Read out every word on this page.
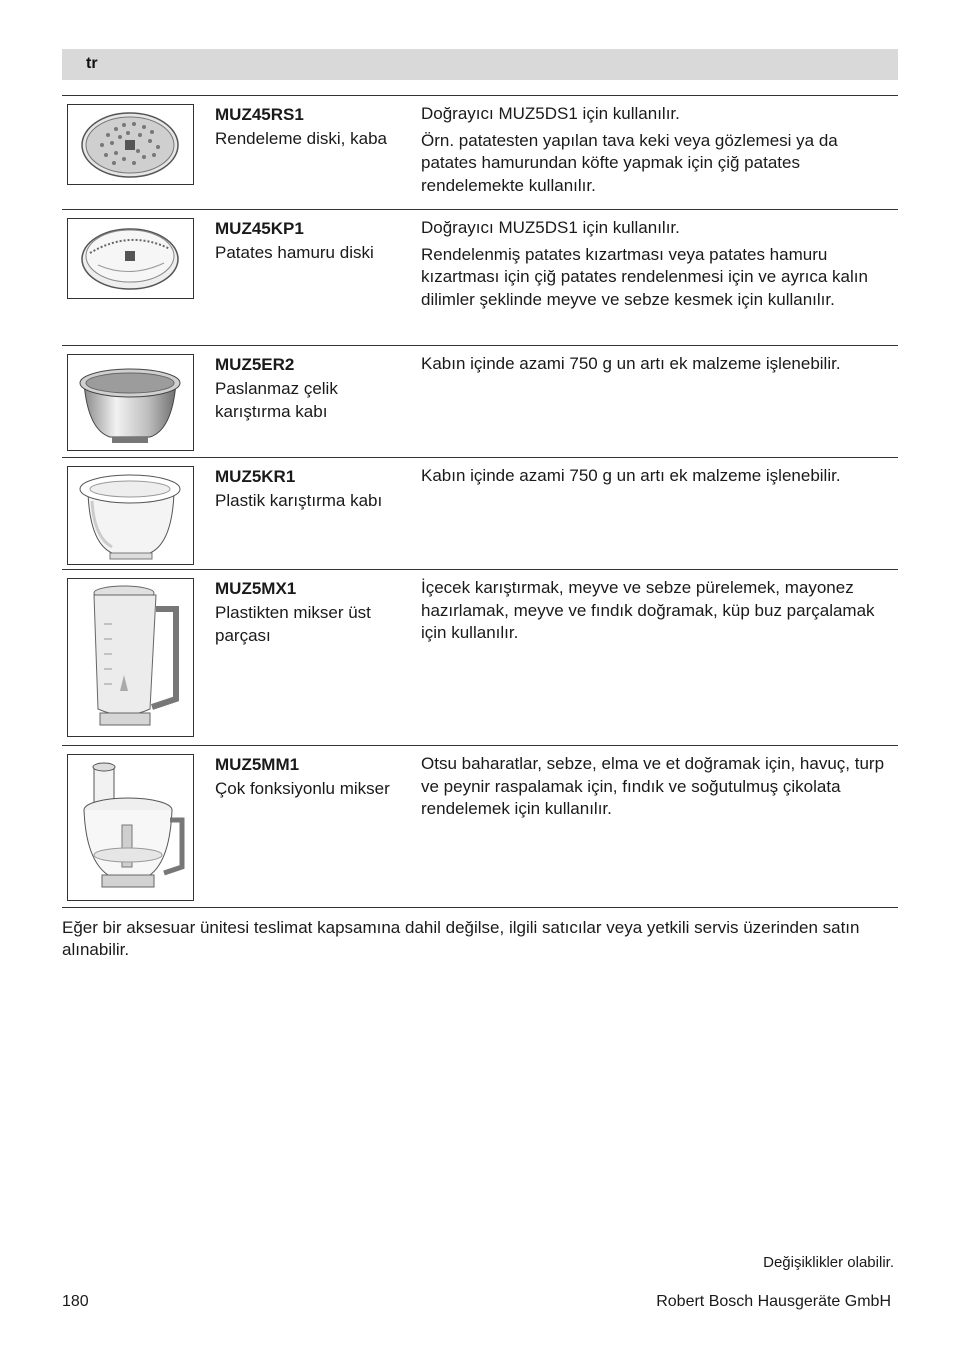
tr
MUZ45RS1
Rendeleme diski, kaba

Doğrayıcı MUZ5DS1 için kullanılır.

Örn. patatesten yapılan tava keki veya gözlemesi ya da patates hamurundan köfte yapmak için çiğ patates rendelemekte kullanılır.

MUZ45KP1
Patates hamuru diski

Doğrayıcı MUZ5DS1 için kullanılır.

Rendelenmiş patates kızartması veya patates hamuru kızartması için çiğ patates rendelenmesi için ve ayrıca kalın dilimler şeklinde meyve ve sebze kesmek için kullanılır.

MUZ5ER2
Paslanmaz çelik karıştırma kabı

Kabın içinde azami 750 g un artı ek malzeme işlenebilir.

MUZ5KR1
Plastik karıştırma kabı

Kabın içinde azami 750 g un artı ek malzeme işlenebilir.

MUZ5MX1
Plastikten mikser üst parçası

İçecek karıştırmak, meyve ve sebze pürelemek, mayonez hazırlamak, meyve ve fındık doğramak, küp buz parçalamak için kullanılır.

MUZ5MM1
Çok fonksiyonlu mikser

Otsu baharatlar, sebze, elma ve et doğramak için, havuç, turp ve peynir raspalamak için, fındık ve soğutulmuş çikolata rendelemek için kullanılır.

Eğer bir aksesuar ünitesi teslimat kapsamına dahil değilse, ilgili satıcılar veya yetkili servis üzerinden satın alınabilir.
Değişiklikler olabilir.
180	Robert Bosch Hausgeräte GmbH
